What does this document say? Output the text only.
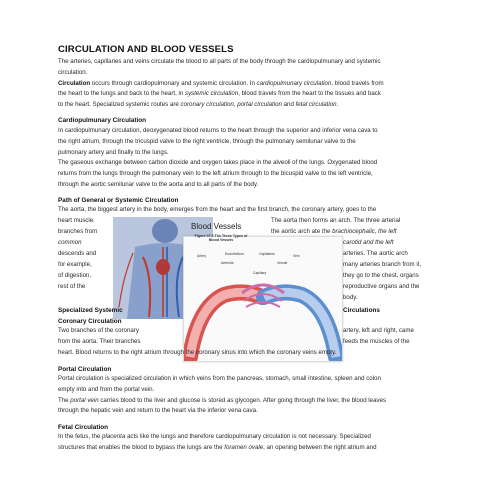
CIRCULATION AND BLOOD VESSELS
The arteries, capillaries and veins circulate the blood to all parts of the body through the cardiopulmunary and systemic
circulation.
Circulation occurs through cardiopulmonary and systemic circulation. In cardiopulmunary circulation, blood travels from
the heart to the lungs and back to the heart, in systemic circulation, blood travels from the heart to the tissues and back
to the heart. Specialized systemic routes are coronary circulation, portal circulation and fetal circulation.
Cardiopulmunary Circulation
In cardiopulmunary circulation, deoxygenated blood returns to the heart through the superior and inferior vena cava to
the right atrium, through the tricuspid valve to the right ventricle, through the pulmonary semilunar valve to the
pulmonary artery and finally to the lungs.
The gaseous exchange between carbon dioxide and oxygen takes place in the alveoli of the lungs. Oxygenated blood
returns from the lungs through the pulmonary vein to the left atrium through to the bicuspid valve to the left ventricle,
through the aortic semilunar valve to the aorta and to all parts of the body.
Path of General or Systemic Circulation
The aorta, the biggest artery in the body, emerges from the heart and the first branch, the coronary artery, goes to the
heart muscle.
branches from
common
descends and
for example,
of digestion,
rest of the
The aorta then forms an arch. The three arterial
the aortic arch ate the brachiocephalic, the left
carotid and the left
arteries. The aortic arch
many arteries branch from it,
they go to the chest, organs
reproductive organs and the
body.
Blood Vessels
Figure 37.6 The Three Types of Blood Vessels
Artery	Vein
Endothelium	Capillaries
Venule
Arteriole
Capillary
Specialized Systemic	Circulations
Coronary Circulation
Two branches of the coronary	artery, left and right, came
from the aorta. Their branches	feeds the muscles of the
heart. Blood returns to the right atrium through the coronary sinus into which the coronary veins empty.
Portal Circulation
Portal circulation is specialized circulation in which veins from the pancreas, stomach, small intestine, spleen and colon
empty into and from the portal vein.
The portal vein carries blood to the liver and glucose is stored as glycogen. After going through the liver, the blood leaves
through the hepatic vein and return to the heart via the inferior vena cava.
Fetal Circulation
In the fetus, the placenta acts like the lungs and therefore cardiopulmunary circulation is not necessary. Specialized
structures that enables the blood to bypass the lungs are the foramen ovale, an opening between the right atrium and
